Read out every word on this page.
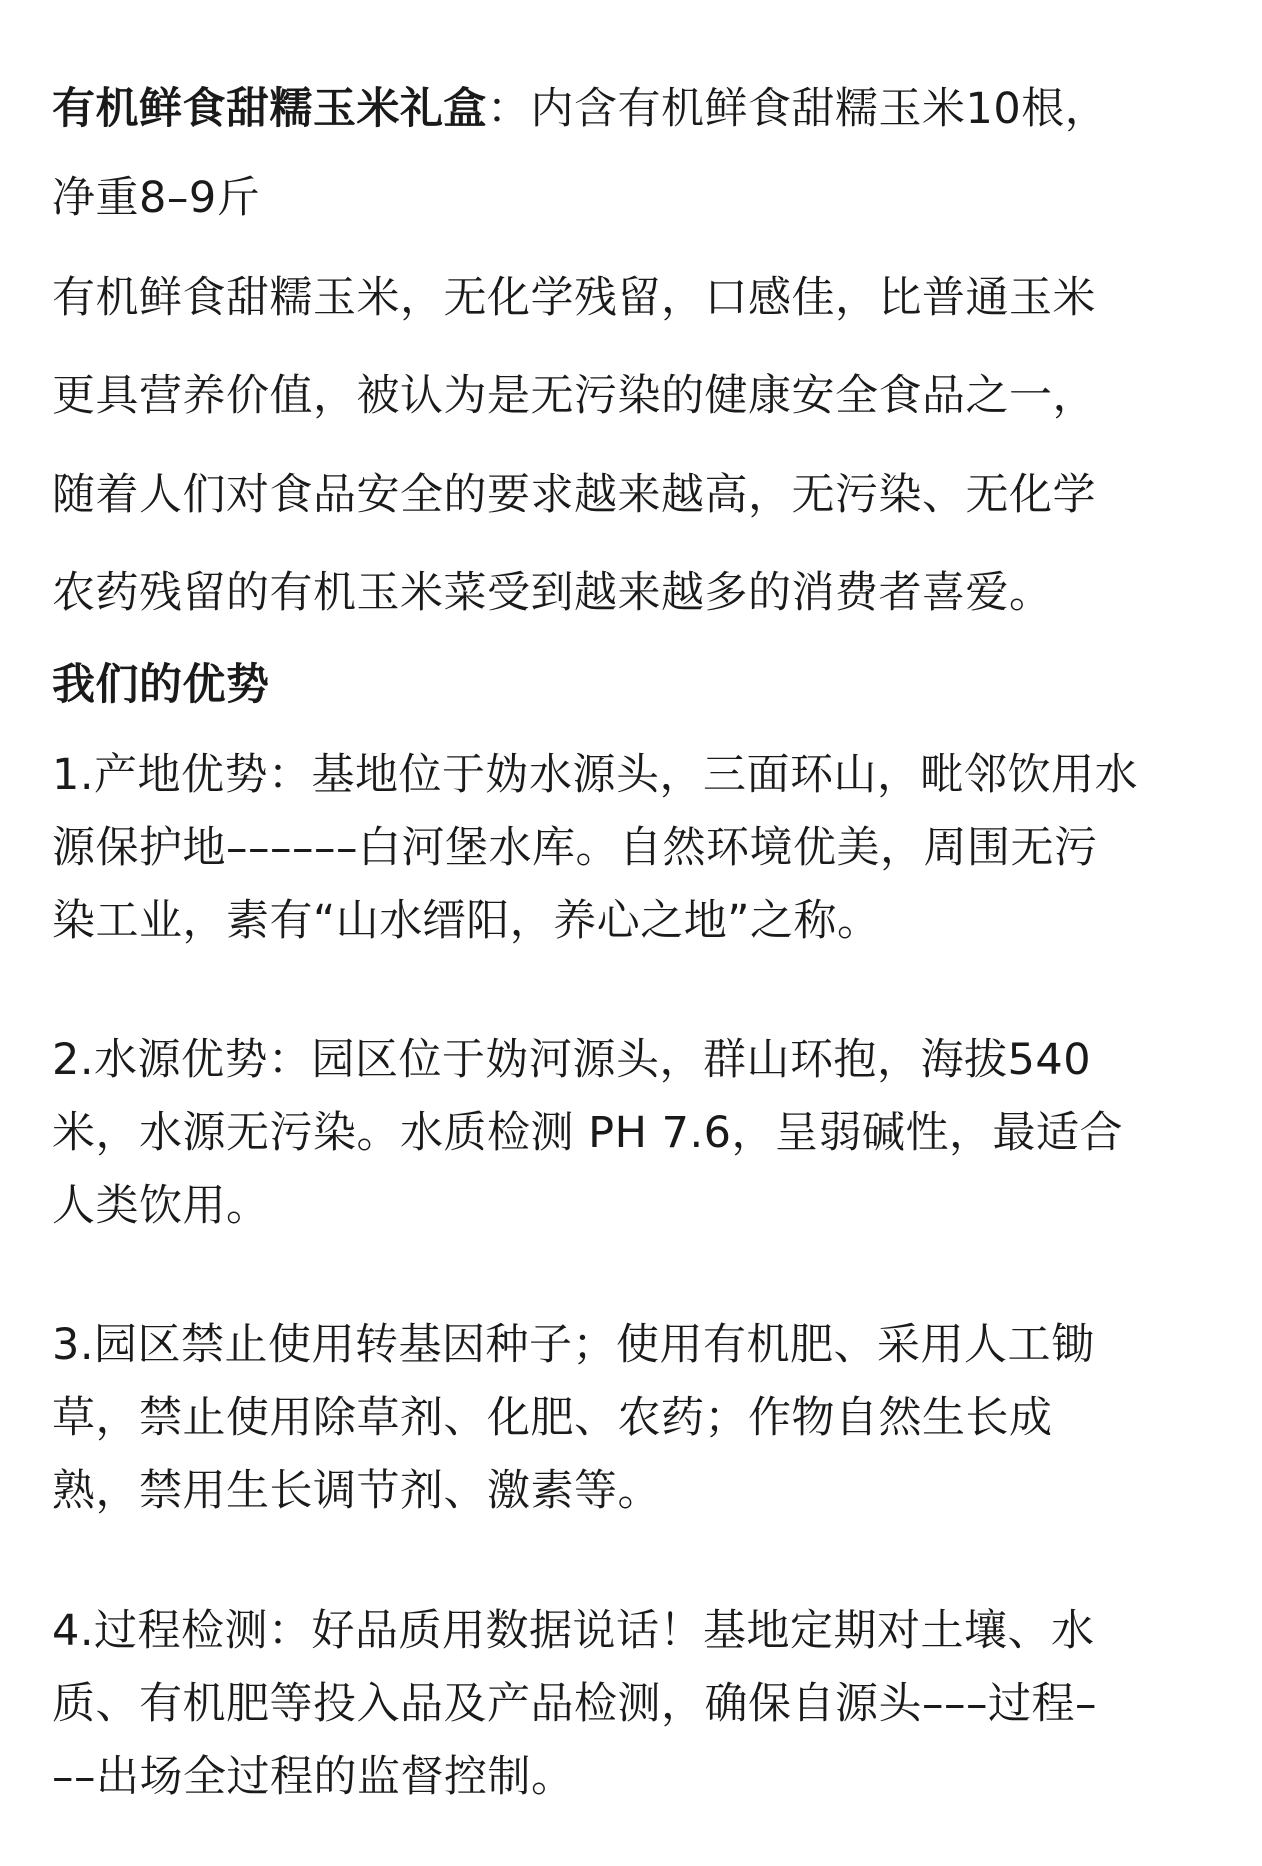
有机鲜食甜糯玉米礼盒：内含有机鲜食甜糯玉米10根，
净重8–9斤
有机鲜食甜糯玉米，无化学残留，口感佳，比普通玉米
更具营养价值，被认为是无污染的健康安全食品之一，
随着人们对食品安全的要求越来越高，无污染、无化学
农药残留的有机玉米菜受到越来越多的消费者喜爱。
我们的优势
1.产地优势：基地位于妫水源头，三面环山，毗邻饮用水
源保护地––––––白河堡水库。自然环境优美，周围无污
染工业，素有“山水缙阳，养心之地”之称。
2.水源优势：园区位于妫河源头，群山环抱，海拔540
米，水源无污染。水质检测 PH 7.6，呈弱碱性，最适合
人类饮用。
3.园区禁止使用转基因种子；使用有机肥、采用人工锄
草，禁止使用除草剂、化肥、农药；作物自然生长成
熟，禁用生长调节剂、激素等。
4.过程检测：好品质用数据说话！基地定期对土壤、水
质、有机肥等投入品及产品检测，确保自源头–––过程–
––出场全过程的监督控制。
